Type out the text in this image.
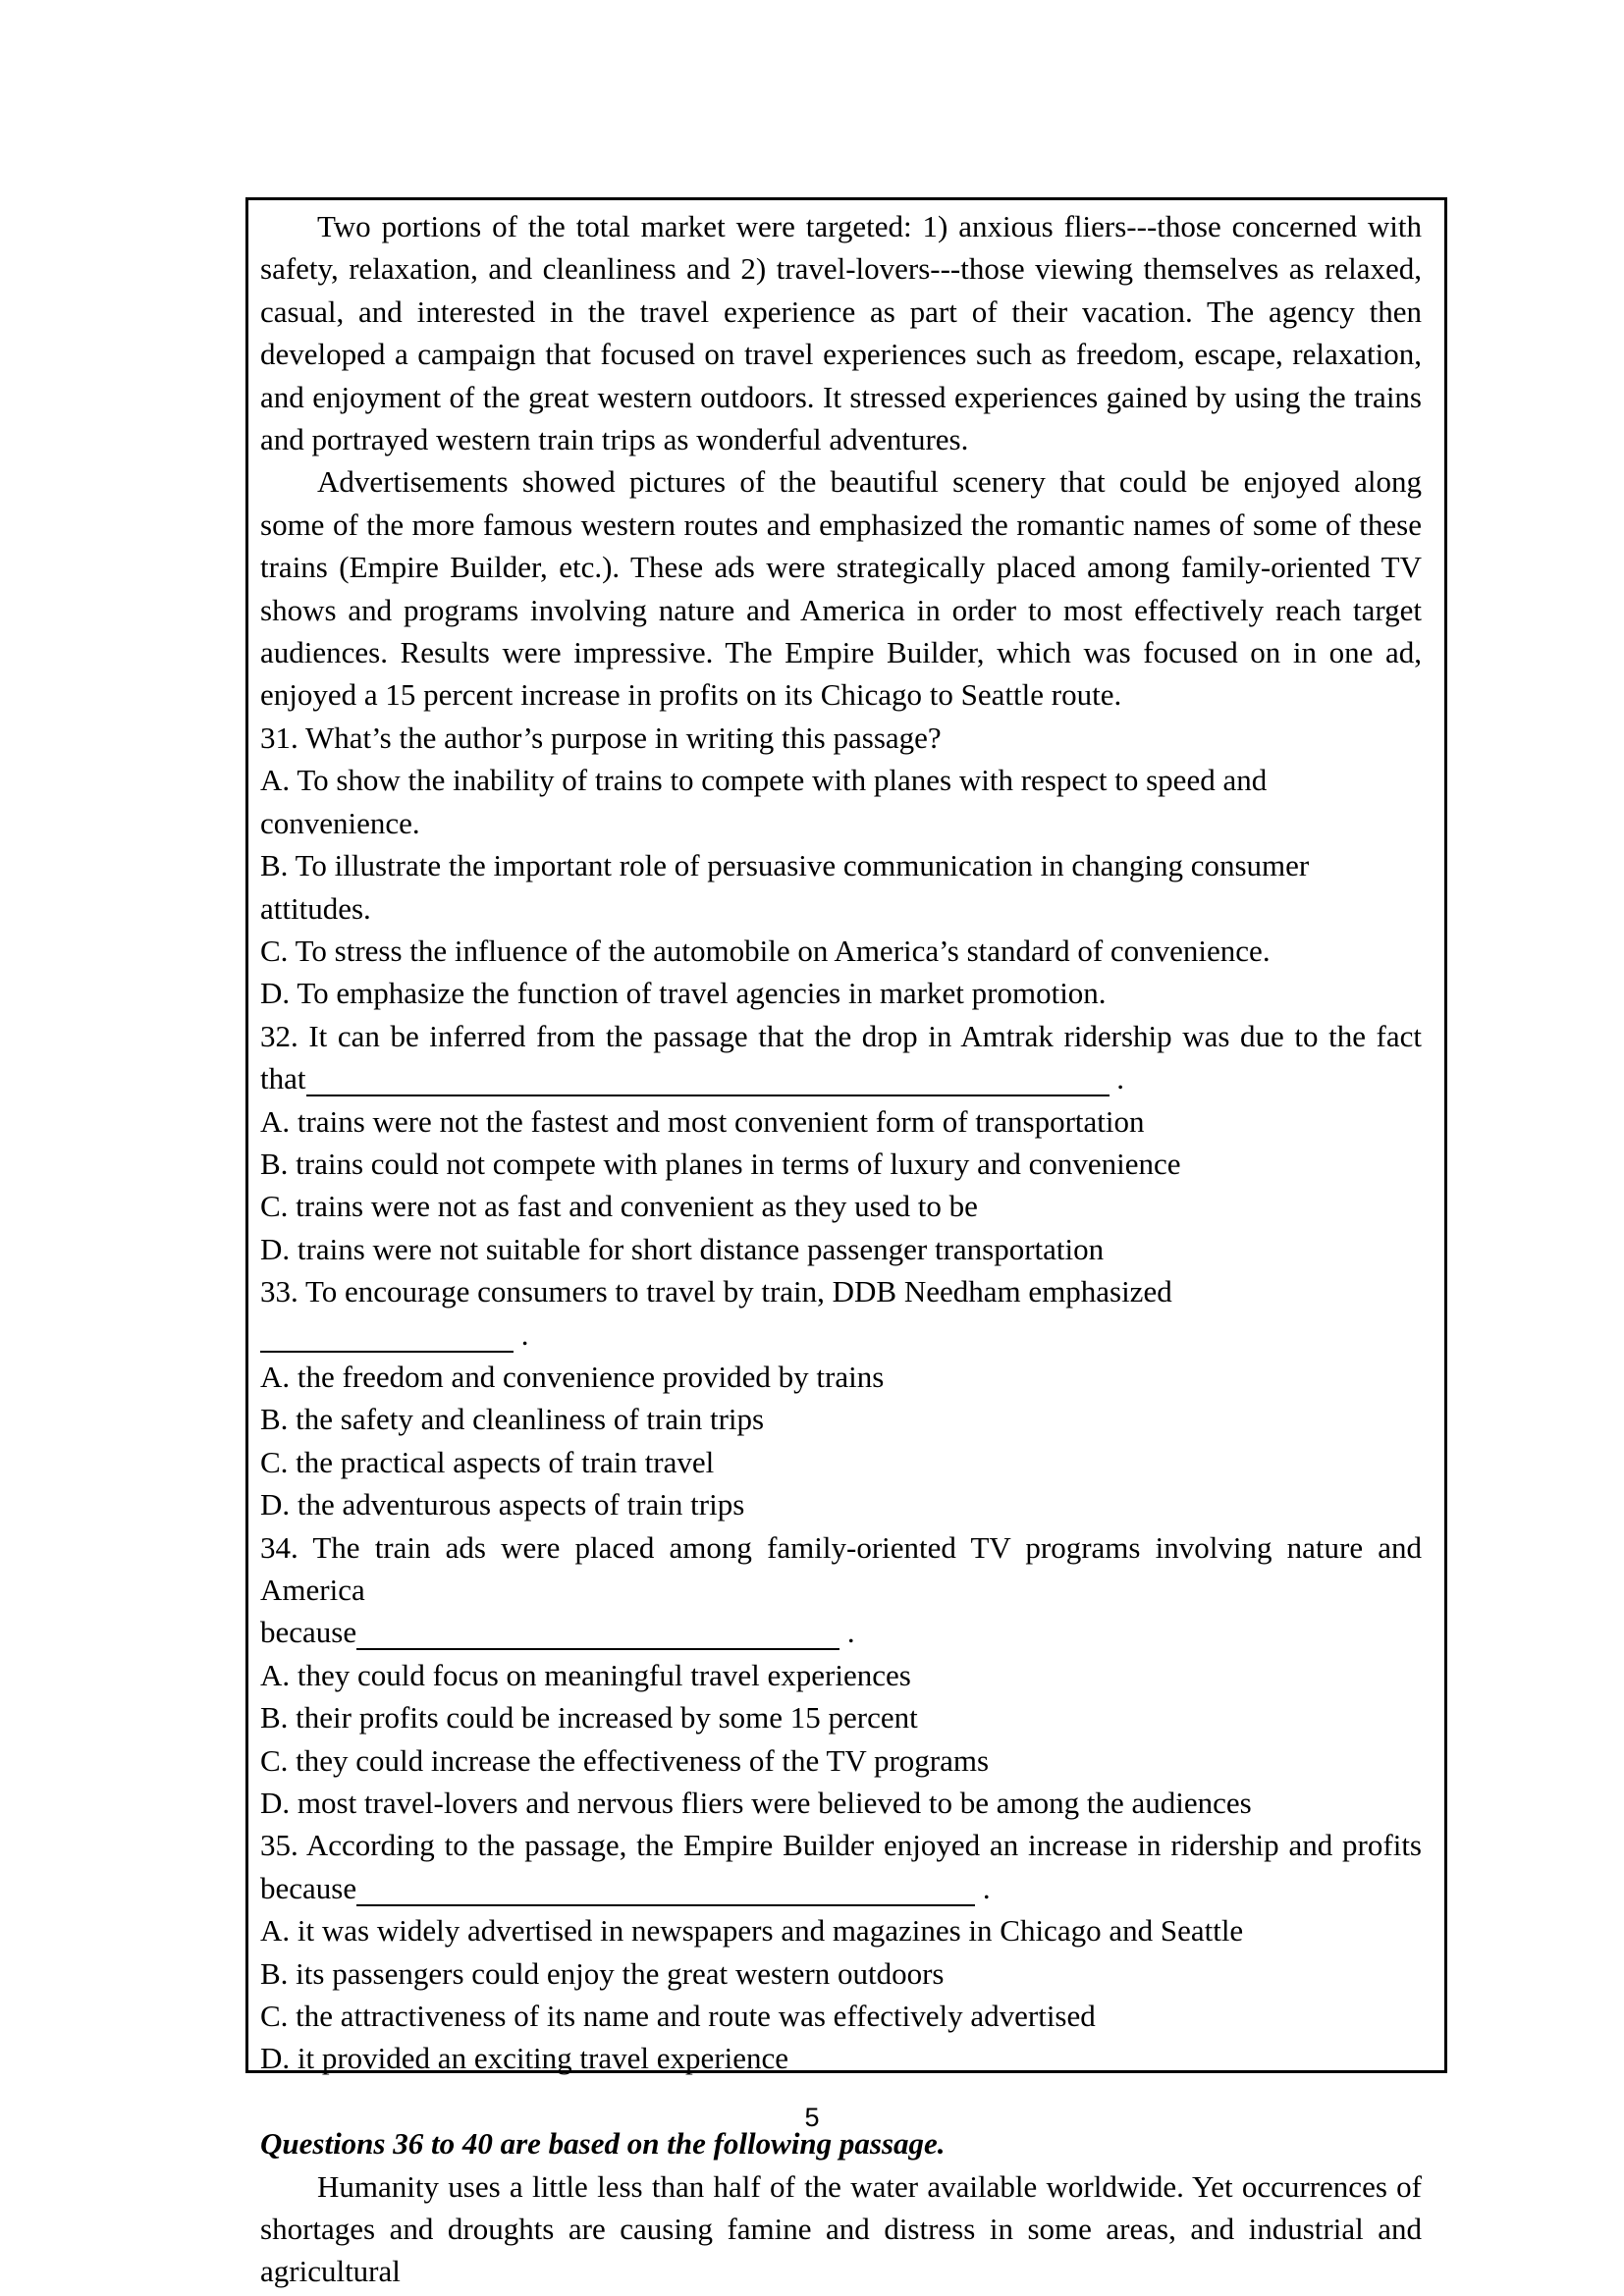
Two portions of the total market were targeted: 1) anxious fliers---those concerned with safety, relaxation, and cleanliness and 2) travel-lovers---those viewing themselves as relaxed, casual, and interested in the travel experience as part of their vacation. The agency then developed a campaign that focused on travel experiences such as freedom, escape, relaxation, and enjoyment of the great western outdoors. It stressed experiences gained by using the trains and portrayed western train trips as wonderful adventures.

Advertisements showed pictures of the beautiful scenery that could be enjoyed along some of the more famous western routes and emphasized the romantic names of some of these trains (Empire Builder, etc.). These ads were strategically placed among family-oriented TV shows and programs involving nature and America in order to most effectively reach target audiences. Results were impressive. The Empire Builder, which was focused on in one ad, enjoyed a 15 percent increase in profits on its Chicago to Seattle route.

31. What’s the author’s purpose in writing this passage?
A. To show the inability of trains to compete with planes with respect to speed and convenience.
B. To illustrate the important role of persuasive communication in changing consumer attitudes.
C. To stress the influence of the automobile on America’s standard of convenience.
D. To emphasize the function of travel agencies in market promotion.
32. It can be inferred from the passage that the drop in Amtrak ridership was due to the fact
that	.
A. trains were not the fastest and most convenient form of transportation
B. trains could not compete with planes in terms of luxury and convenience
C. trains were not as fast and convenient as they used to be
D. trains were not suitable for short distance passenger transportation
33. To encourage consumers to travel by train, DDB Needham emphasized .
A. the freedom and convenience provided by trains
B. the safety and cleanliness of train trips
C. the practical aspects of train travel
D. the adventurous aspects of train trips
34. The train ads were placed among family-oriented TV programs involving nature and America
because	.
A. they could focus on meaningful travel experiences
B. their profits could be increased by some 15 percent
C. they could increase the effectiveness of the TV programs
D. most travel-lovers and nervous fliers were believed to be among the audiences
35. According to the passage, the Empire Builder enjoyed an increase in ridership and profits
because	.
A. it was widely advertised in newspapers and magazines in Chicago and Seattle
B. its passengers could enjoy the great western outdoors
C. the attractiveness of its name and route was effectively advertised
D. it provided an exciting travel experience
Questions 36 to 40 are based on the following passage.

Humanity uses a little less than half of the water available worldwide. Yet occurrences of shortages and droughts are causing famine and distress in some areas, and industrial and agricultural

5
